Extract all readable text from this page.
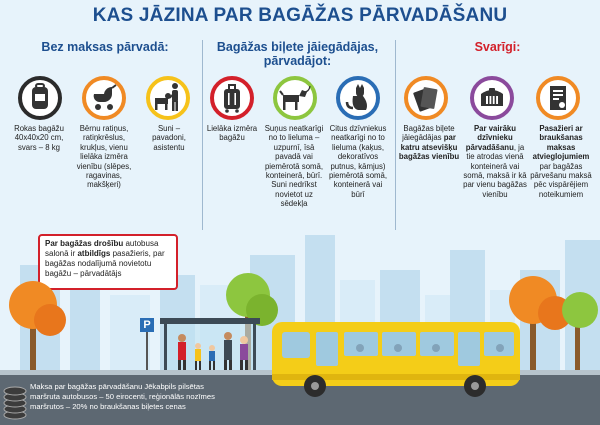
KAS JĀZINA PAR BAGĀŽAS PĀRVADĀŠANU
Bez maksas pārvadā:	Bagāžas biļete jāiegādājas, pārvadājot:
Svarīgi:
Rokas bagāžu 40x40x20 cm, svars – 8 kg
Bērnu ratiņus, ratiņkrēslus, krukļus, vienu lielāka izmēra vienību (slēpes, ragavinas, makšķeri)
Suni – pavadoni, asistentu
Lielāka izmēra bagāžu
Suņus neatkarīgi no to lieluma – uzpurnī, īsā pavadā vai piemērotā somā, konteinerā, būrī. Suni nedrīkst novietot uz sēdekļa
Citus dzīvniekus neatkarīgi no to lieluma (kaķus, dekoratīvos putnus, kāmjus) piemērotā somā, konteinerā vai būrī
Bagāžas biļete jāiegādājas par katru atsevišķu bagāžas vienību
Par vairāku dzīvnieku pārvadāšanu, ja tie atrodas vienā konteinerā vai somā, maksā ir kā par vienu bagāžas vienību
Pasažieri ar braukšanas maksas atvieglojumiem par bagāžas pārvešanu maksā pēc vispārējiem noteikumiem
Par bagāžas drošību autobusa salonā ir atbildīgs pasažieris, par bagāžas nodalījumā novietotu bagāžu – pārvadātājs
P
Maksa par bagāžas pārvadāšanu Jēkabpils pilsētas
maršruta autobusos – 50 eirocenti, reģionālās nozīmes
maršrutos – 20% no braukšanas biļetes cenas
